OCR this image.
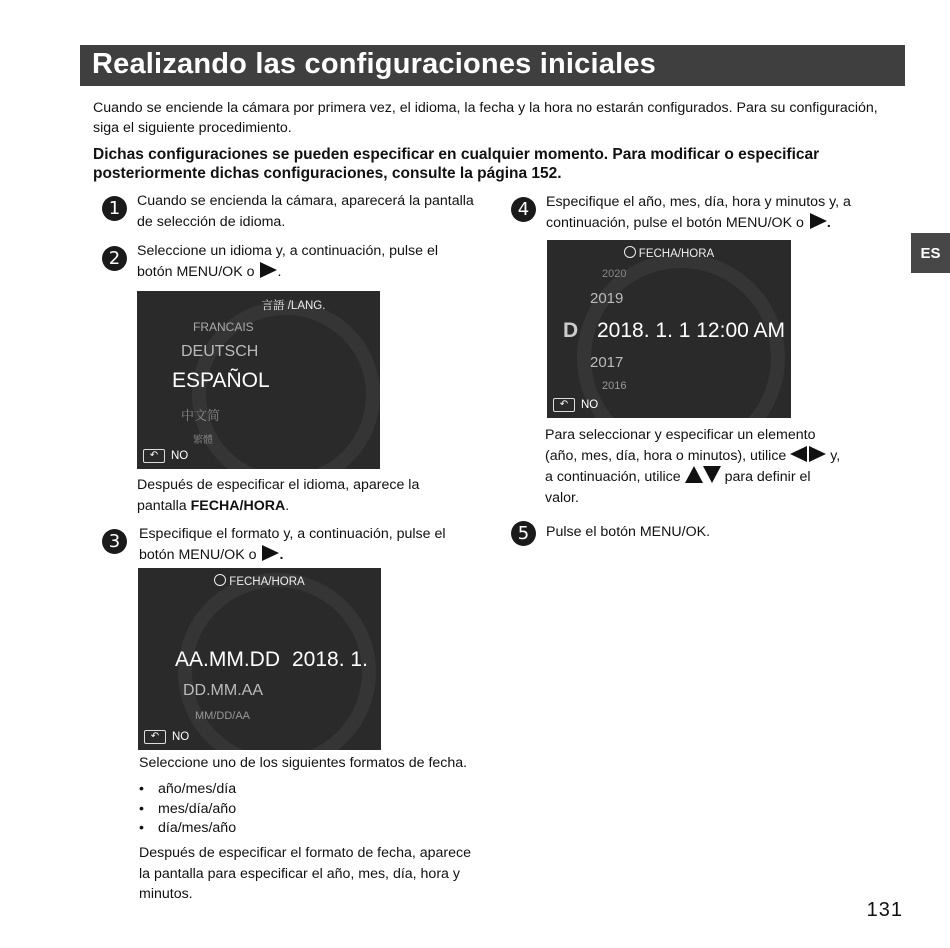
Realizando las configuraciones iniciales
Cuando se enciende la cámara por primera vez, el idioma, la fecha y la hora no estarán configurados. Para su configuración, siga el siguiente procedimiento.
Dichas configuraciones se pueden especificar en cualquier momento. Para modificar o especificar posteriormente dichas configuraciones, consulte la página 152.
ES
1	Cuando se encienda la cámara, aparecerá la pantalla de selección de idioma.
2	Seleccione un idioma y, a continuación, pulse el botón MENU/OK o .
言語 /LANG.
FRANCAIS
DEUTSCH
ESPAÑOL
中文简
繁體
↶	NO
Después de especificar el idioma, aparece la pantalla FECHA/HORA.
3	Especifique el formato y, a continuación, pulse el botón MENU/OK o .
FECHA/HORA
AA.MM.DD 2018. 1.
DD.MM.AA
MM/DD/AA
↶	NO
Seleccione uno de los siguientes formatos de fecha.
• año/mes/día
• mes/día/año
• día/mes/año
Después de especificar el formato de fecha, aparece la pantalla para especificar el año, mes, día, hora y minutos.
4	Especifique el año, mes, día, hora y minutos y, a continuación, pulse el botón MENU/OK o .
FECHA/HORA
2020
2019
D 2018. 1. 1 12:00 AM
2017
2016
↶	NO
Para seleccionar y especificar un elemento (año, mes, día, hora o minutos), utilice	y, a continuación, utilice	para definir el valor.
5	Pulse el botón MENU/OK.
131
